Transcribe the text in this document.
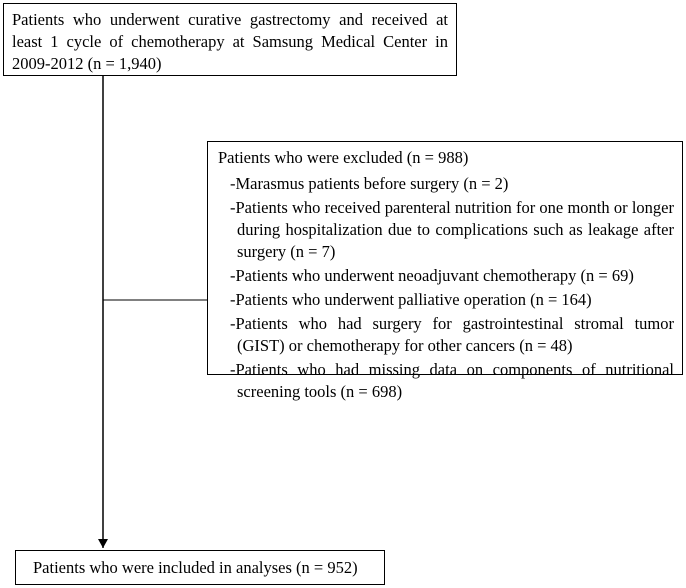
Patients who underwent curative gastrectomy and received at least 1 cycle of chemotherapy at Samsung Medical Center in 2009-2012 (n = 1,940)
Patients who were excluded (n = 988)
- Marasmus patients before surgery (n = 2)
- Patients who received parenteral nutrition for one month or longer during hospitalization due to complications such as leakage after surgery (n = 7)
- Patients who underwent neoadjuvant chemotherapy (n = 69)
- Patients who underwent palliative operation (n = 164)
- Patients who had surgery for gastrointestinal stromal tumor (GIST) or chemotherapy for other cancers (n = 48)
- Patients who had missing data on components of nutritional screening tools (n = 698)
Patients who were included in analyses (n = 952)
